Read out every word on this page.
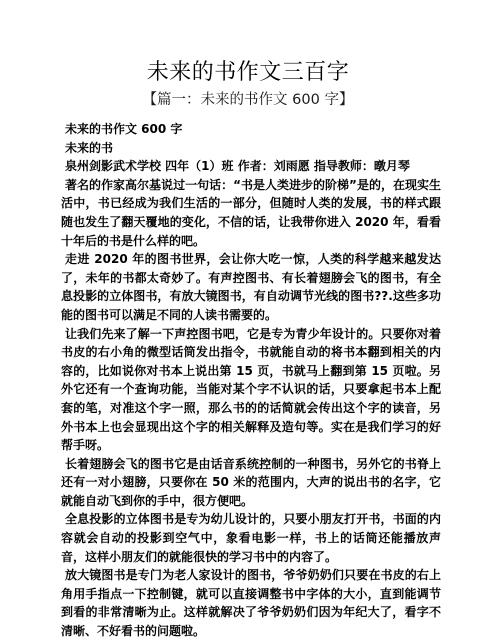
未来的书作文三百字
【篇一：未来的书作文 600 字】

未来的书作文 600 字

未来的书

泉州剑影武术学校 四年（1）班 作者：刘雨愿 指导教师：暾月琴

著名的作家高尔基说过一句话：“书是人类进步的阶梯”是的，在现实生活中，书已经成为我们生活的一部分，但随时人类的发展，书的样式跟随也发生了翻天覆地的变化，不信的话，让我带你进入 2020 年，看看十年后的书是什么样的吧。

走进 2020 年的图书世界，会让你大吃一惊，人类的科学越来越发达了，未年的书都太奇妙了。有声控图书、有长着翅膀会飞的图书，有全息投影的立体图书，有放大镜图书，有自动调节光线的图书??.这些多功能的图书可以满足不同的人读书需要的。

让我们先来了解一下声控图书吧，它是专为青少年设计的。只要你对着书皮的右小角的微型话筒发出指令，书就能自动的将书本翻到相关的内容的，比如说你对书本上说出第 15 页，书就马上翻到第 15 页啦。另外它还有一个查询功能，当能对某个字不认识的话，只要拿起书本上配套的笔，对准这个字一照，那么书的的话简就会传出这个字的读音，另外书本上也会显现出这个字的相关解释及造句等。实在是我们学习的好帮手呀。

长着翅膀会飞的图书它是由话音系统控制的一种图书，另外它的书脊上还有一对小翅膀，只要你在 50 米的范围内，大声的说出书的名字，它就能自动飞到你的手中，很方便吧。

全息投影的立体图书是专为幼儿设计的，只要小朋友打开书，书面的内容就会自动的投影到空气中，象看电影一样，书上的话筒还能播放声音，这样小朋友们的就能很快的学习书中的内容了。

放大镜图书是专门为老人家设计的图书，爷爷奶奶们只要在书皮的右上角用手指点一下控制键，就可以直接调整书中字体的大小，直到能调节到看的非常清晰为止。这样就解决了爷爷奶奶们因为年纪大了，看字不清晰、不好看书的问题啦。
